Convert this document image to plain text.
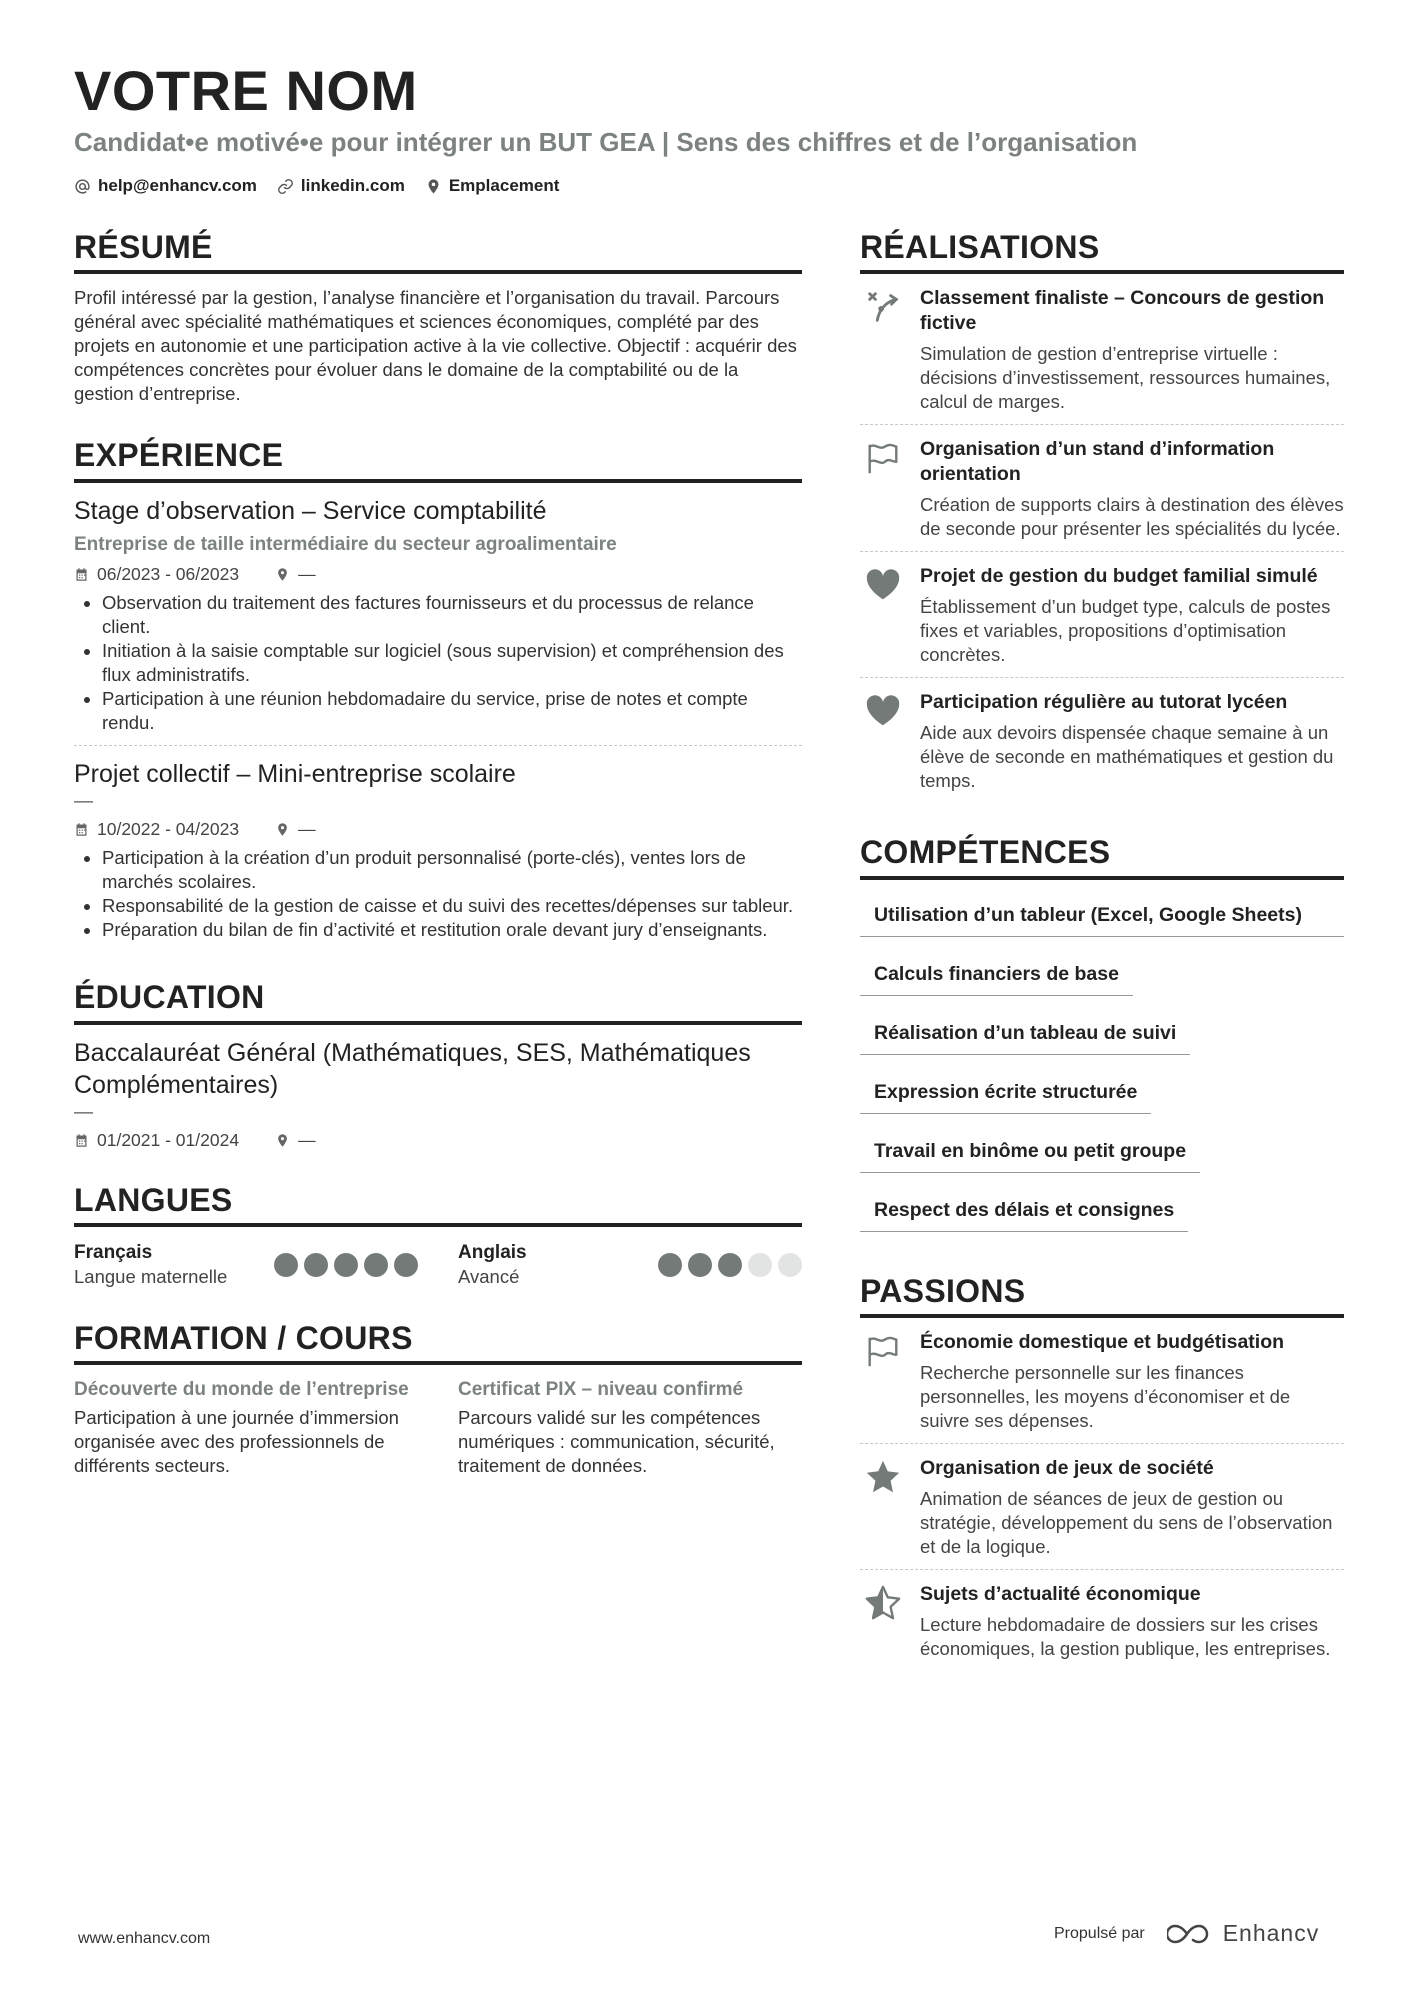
VOTRE NOM
Candidat•e motivé•e pour intégrer un BUT GEA | Sens des chiffres et de l’organisation
help@enhancv.com	linkedin.com	Emplacement
RÉSUMÉ
Profil intéressé par la gestion, l’analyse financière et l’organisation du travail. Parcours général avec spécialité mathématiques et sciences économiques, complété par des projets en autonomie et une participation active à la vie collective. Objectif : acquérir des compétences concrètes pour évoluer dans le domaine de la comptabilité ou de la gestion d’entreprise.
EXPÉRIENCE
Stage d’observation – Service comptabilité
Entreprise de taille intermédiaire du secteur agroalimentaire
06/2023 - 06/2023	—
• Observation du traitement des factures fournisseurs et du processus de relance client.
• Initiation à la saisie comptable sur logiciel (sous supervision) et compréhension des flux administratifs.
• Participation à une réunion hebdomadaire du service, prise de notes et compte rendu.
Projet collectif – Mini-entreprise scolaire
—
10/2022 - 04/2023	—
• Participation à la création d’un produit personnalisé (porte-clés), ventes lors de marchés scolaires.
• Responsabilité de la gestion de caisse et du suivi des recettes/dépenses sur tableur.
• Préparation du bilan de fin d’activité et restitution orale devant jury d’enseignants.
ÉDUCATION
Baccalauréat Général (Mathématiques, SES, Mathématiques Complémentaires)
—
01/2021 - 01/2024	—
LANGUES
Français
Langue maternelle
Anglais
Avancé
FORMATION / COURS
Découverte du monde de l’entreprise
Participation à une journée d’immersion organisée avec des professionnels de différents secteurs.
Certificat PIX – niveau confirmé
Parcours validé sur les compétences numériques : communication, sécurité, traitement de données.
RÉALISATIONS
Classement finaliste – Concours de gestion fictive
Simulation de gestion d’entreprise virtuelle : décisions d’investissement, ressources humaines, calcul de marges.
Organisation d’un stand d’information orientation
Création de supports clairs à destination des élèves de seconde pour présenter les spécialités du lycée.
Projet de gestion du budget familial simulé
Établissement d’un budget type, calculs de postes fixes et variables, propositions d’optimisation concrètes.
Participation régulière au tutorat lycéen
Aide aux devoirs dispensée chaque semaine à un élève de seconde en mathématiques et gestion du temps.
COMPÉTENCES
Utilisation d’un tableur (Excel, Google Sheets)
Calculs financiers de base
Réalisation d’un tableau de suivi
Expression écrite structurée
Travail en binôme ou petit groupe
Respect des délais et consignes
PASSIONS
Économie domestique et budgétisation
Recherche personnelle sur les finances personnelles, les moyens d’économiser et de suivre ses dépenses.
Organisation de jeux de société
Animation de séances de jeux de gestion ou stratégie, développement du sens de l’observation et de la logique.
Sujets d’actualité économique
Lecture hebdomadaire de dossiers sur les crises économiques, la gestion publique, les entreprises.
www.enhancv.com	Propulsé par	Enhancv
